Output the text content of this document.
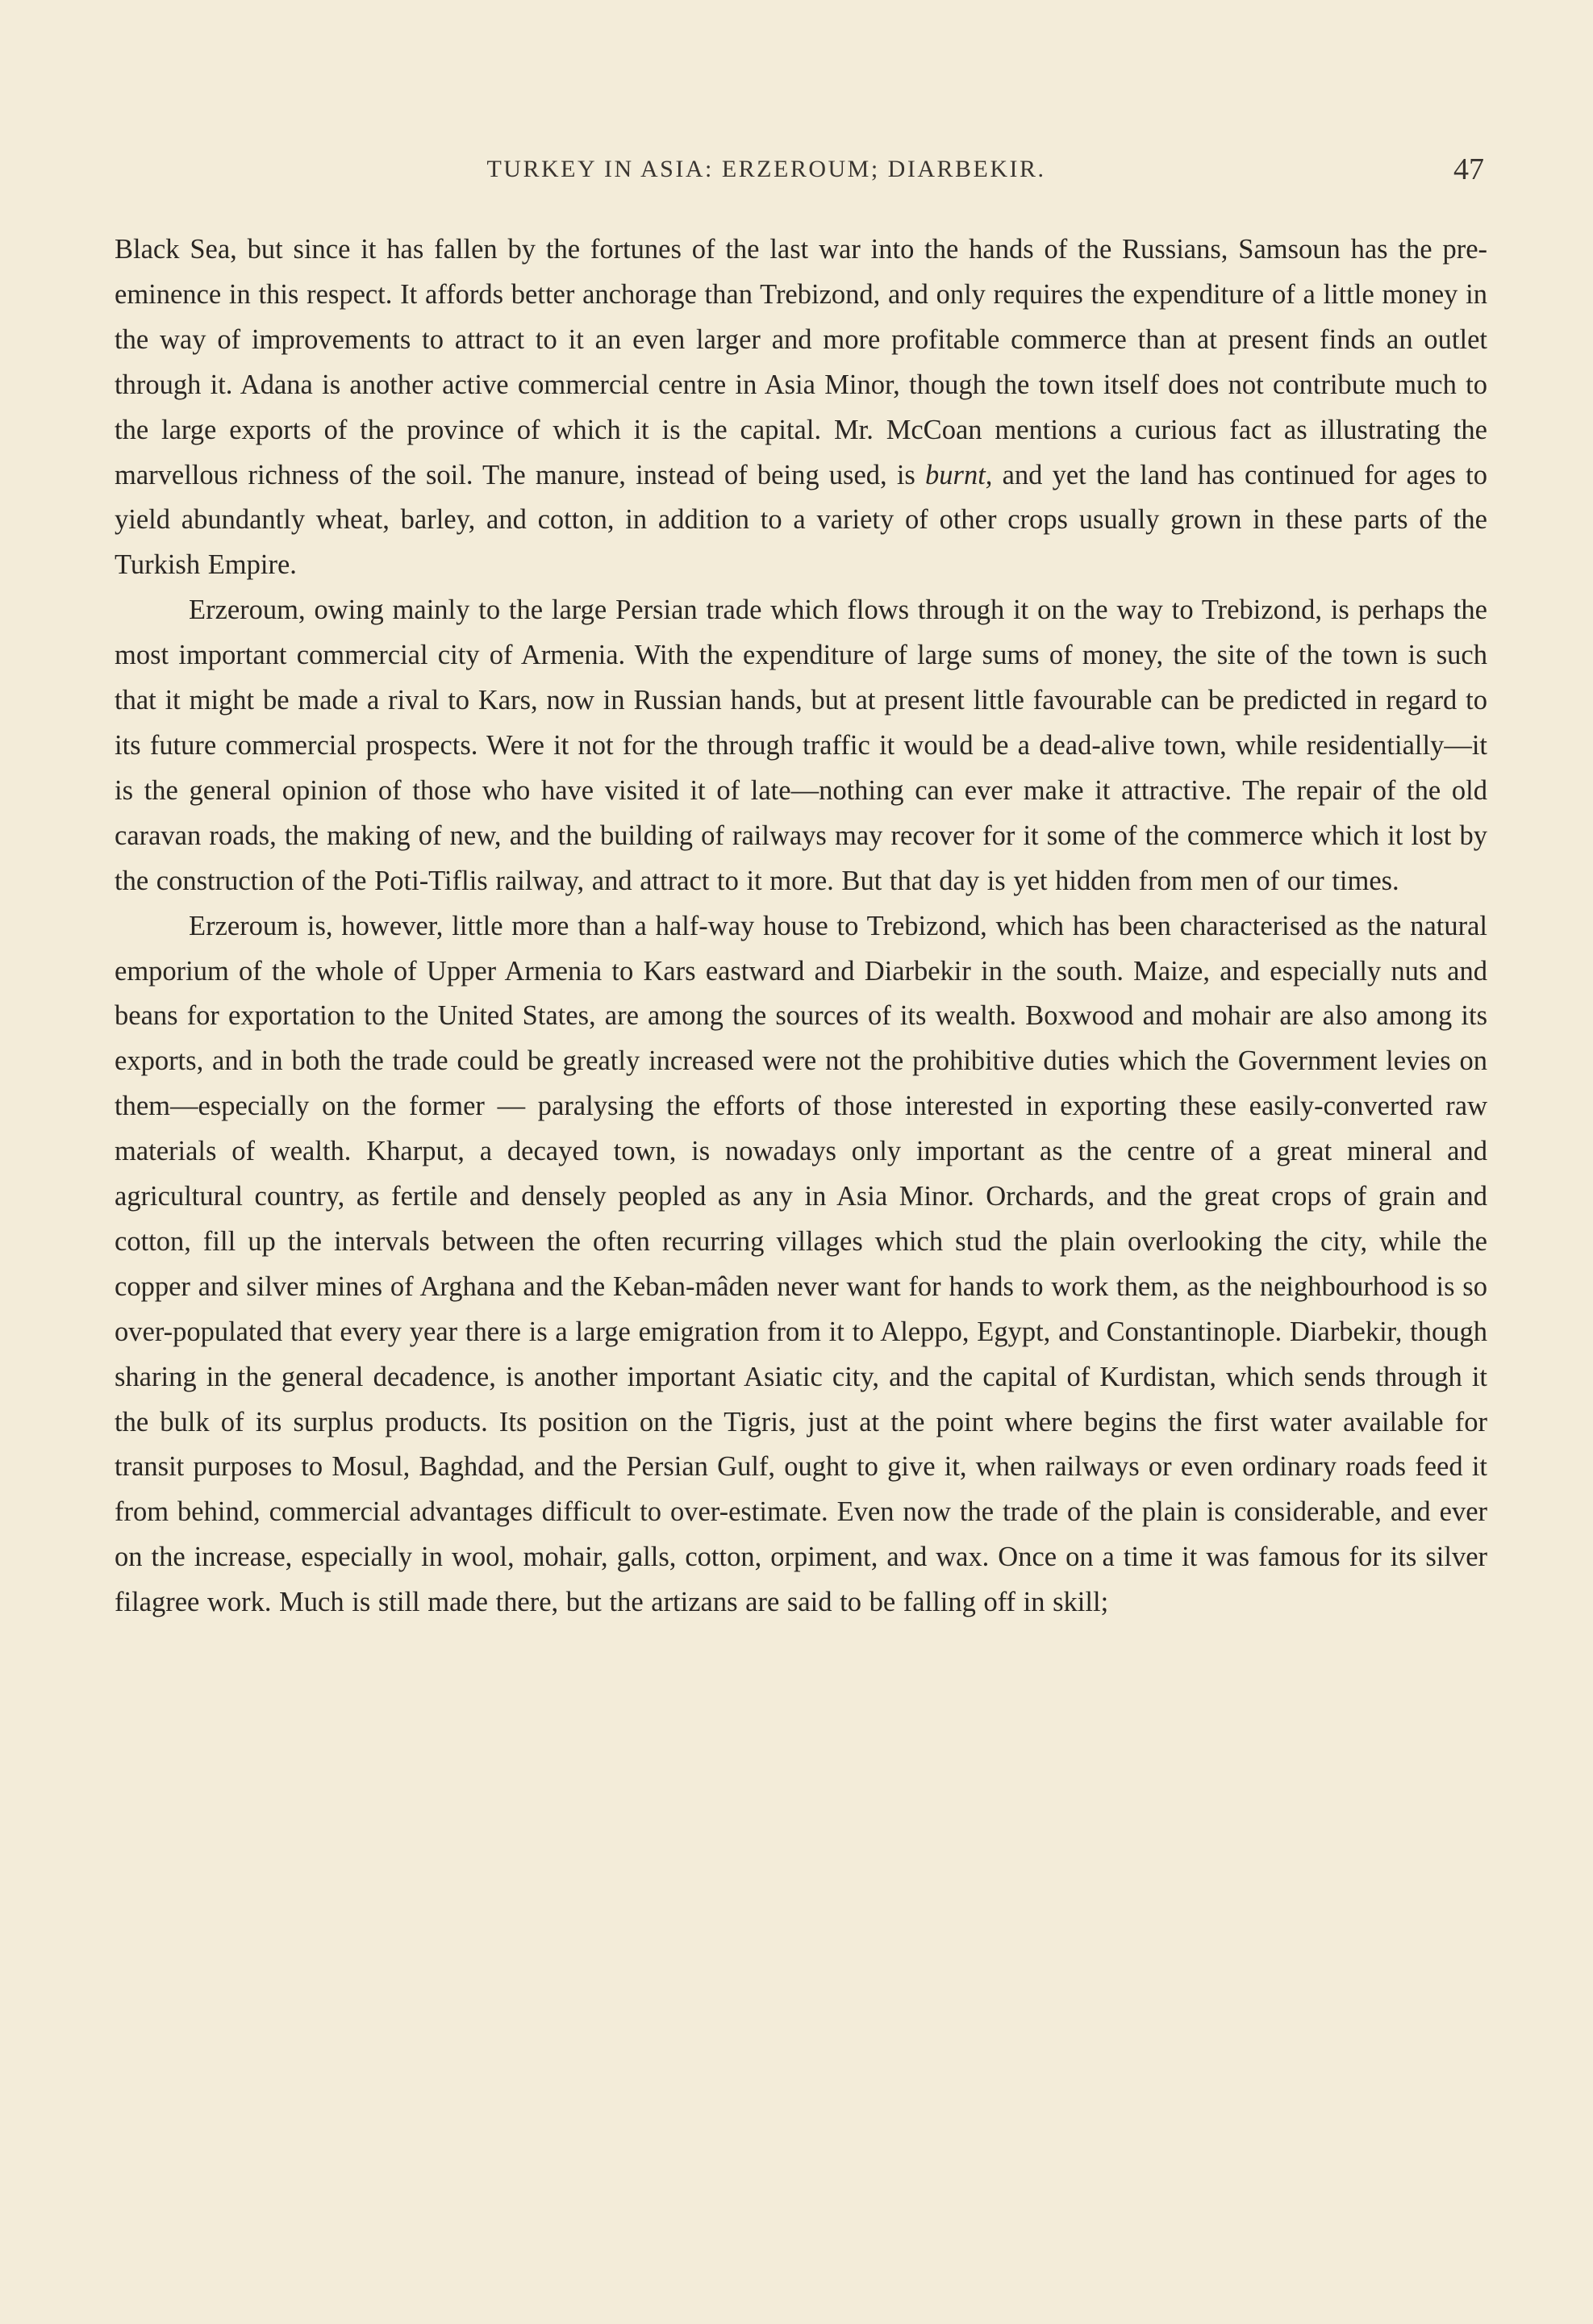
TURKEY IN ASIA: ERZEROUM; DIARBEKIR.	47

Black Sea, but since it has fallen by the fortunes of the last war into the hands of the Russians, Samsoun has the pre-eminence in this respect. It affords better anchorage than Trebizond, and only requires the expenditure of a little money in the way of improvements to attract to it an even larger and more profitable commerce than at present finds an outlet through it. Adana is another active commercial centre in Asia Minor, though the town itself does not contribute much to the large exports of the province of which it is the capital. Mr. McCoan mentions a curious fact as illustrating the marvellous richness of the soil. The manure, instead of being used, is burnt, and yet the land has continued for ages to yield abundantly wheat, barley, and cotton, in addition to a variety of other crops usually grown in these parts of the Turkish Empire.

Erzeroum, owing mainly to the large Persian trade which flows through it on the way to Trebizond, is perhaps the most important commercial city of Armenia. With the expenditure of large sums of money, the site of the town is such that it might be made a rival to Kars, now in Russian hands, but at present little favourable can be predicted in regard to its future commercial prospects. Were it not for the through traffic it would be a dead-alive town, while residentially—it is the general opinion of those who have visited it of late—nothing can ever make it attractive. The repair of the old caravan roads, the making of new, and the building of railways may recover for it some of the commerce which it lost by the construction of the Poti-Tiflis railway, and attract to it more. But that day is yet hidden from men of our times.

Erzeroum is, however, little more than a half-way house to Trebizond, which has been characterised as the natural emporium of the whole of Upper Armenia to Kars eastward and Diarbekir in the south. Maize, and especially nuts and beans for exportation to the United States, are among the sources of its wealth. Boxwood and mohair are also among its exports, and in both the trade could be greatly increased were not the prohibitive duties which the Government levies on them—especially on the former — paralysing the efforts of those interested in exporting these easily-converted raw materials of wealth. Kharput, a decayed town, is nowadays only important as the centre of a great mineral and agricultural country, as fertile and densely peopled as any in Asia Minor. Orchards, and the great crops of grain and cotton, fill up the intervals between the often recurring villages which stud the plain overlooking the city, while the copper and silver mines of Arghana and the Keban-mâden never want for hands to work them, as the neighbourhood is so over-populated that every year there is a large emigration from it to Aleppo, Egypt, and Constantinople. Diarbekir, though sharing in the general decadence, is another important Asiatic city, and the capital of Kurdistan, which sends through it the bulk of its surplus products. Its position on the Tigris, just at the point where begins the first water available for transit purposes to Mosul, Baghdad, and the Persian Gulf, ought to give it, when railways or even ordinary roads feed it from behind, commercial advantages difficult to over-estimate. Even now the trade of the plain is considerable, and ever on the increase, especially in wool, mohair, galls, cotton, orpiment, and wax. Once on a time it was famous for its silver filagree work. Much is still made there, but the artizans are said to be falling off in skill;
